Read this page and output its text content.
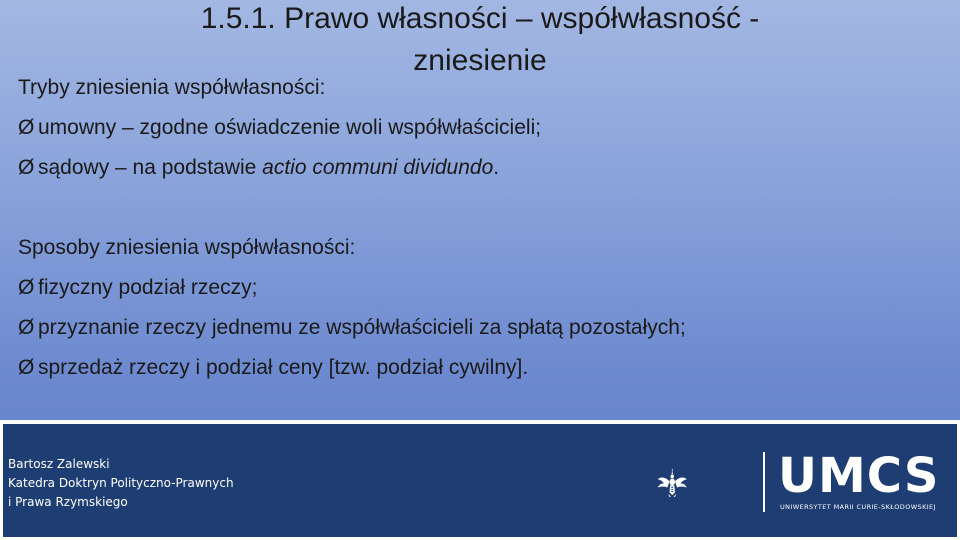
1.5.1. Prawo własności – współwłasność -
zniesienie
Tryby zniesienia współwłasności:
Ø umowny – zgodne oświadczenie woli współwłaścicieli;
Ø sądowy – na podstawie actio communi dividundo.
Sposoby zniesienia współwłasności:
Ø fizyczny podział rzeczy;
Ø przyznanie rzeczy jednemu ze współwłaścicieli za spłatą pozostałych;
Ø sprzedaż rzeczy i podział ceny [tzw. podział cywilny].
Bartosz Zalewski
Katedra Doktryn Polityczno-Prawnych
i Prawa Rzymskiego	UMCS
UNIWERSYTET MARII CURIE-SKŁODOWSKIEJ
